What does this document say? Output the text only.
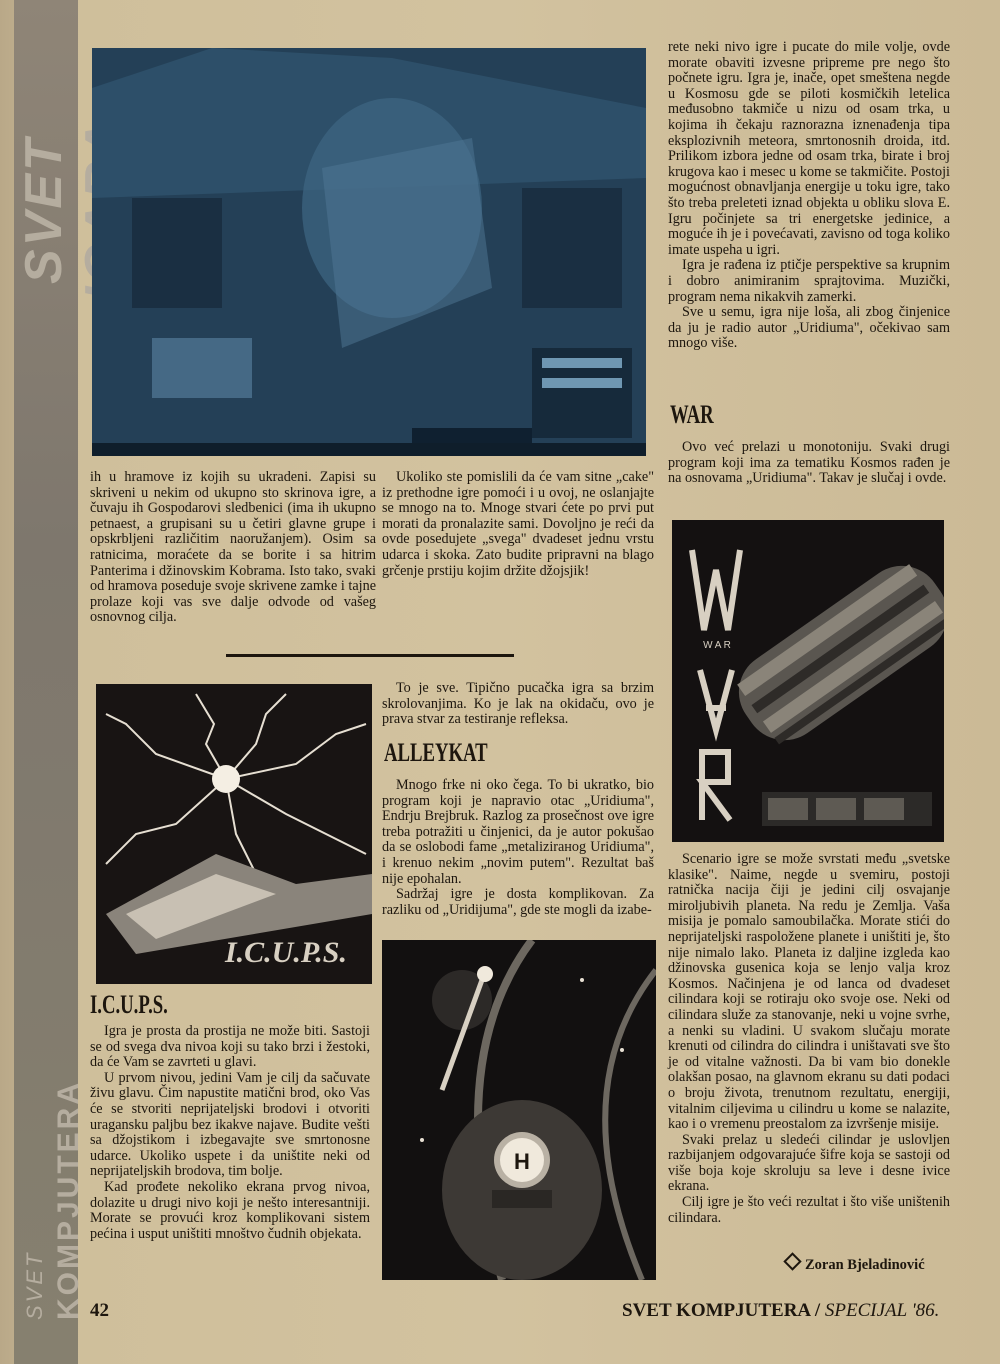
SVET
SVET KOMPJUTERA

ih u hramove iz kojih su ukradeni. Zapisi su skriveni u nekim od ukupno sto skrinova igre, a čuvaju ih Gospodarovi sledbenici (ima ih ukupno petnaest, a grupisani su u četiri glavne grupe i opskrbljeni različitim naoružanjem). Osim sa ratnicima, moraćete da se borite i sa hitrim Panterima i džinovskim Kobrama. Isto tako, svaki od hramova poseduje svoje skrivene zamke i tajne prolaze koji vas sve dalje odvode od vašeg osnovnog cilja.

Ukoliko ste pomislili da će vam sitne „cake" iz prethodne igre pomoći i u ovoj, ne oslanjajte se mnogo na to. Mnoge stvari ćete po prvi put morati da pronalazite sami. Dovoljno je reći da ovde posedujete „svega" dvadeset jednu vrstu udarca i skoka. Zato budite pripravni na blago grčenje prstiju kojim držite džojsjik!

rete neki nivo igre i pucate do mile volje, ovde morate obaviti izvesne pripreme pre nego što počnete igru. Igra je, inače, opet smeštena negde u Kosmosu gde se piloti kosmičkih letelica međusobno takmiče u nizu od osam trka, u kojima ih čekaju raznorazna iznenađenja tipa eksplozivnih meteora, smrtonosnih droida, itd. Prilikom izbora jedne od osam trka, birate i broj krugova kao i mesec u kome se takmičite. Postoji mogućnost obnavljanja energije u toku igre, tako što treba preleteti iznad objekta u obliku slova E. Igru počinjete sa tri energetske jedinice, a moguće ih je i povećavati, zavisno od toga koliko imate uspeha u igri.

Igra je rađena iz ptičje perspektive sa krupnim i dobro animiranim sprajtovima. Muzički, program nema nikakvih zamerki.

Sve u semu, igra nije loša, ali zbog činjenice da ju je radio autor „Uridiuma", očekivao sam mnogo više.

WAR

Ovo već prelazi u monotoniju. Svaki drugi program koji ima za tematiku Kosmos rađen je na osnovama „Uridiuma". Takav je slučaj i ovde.

W A R

Scenario igre se može svrstati među „svetske klasike". Naime, negde u svemiru, postoji ratnička nacija čiji je jedini cilj osvajanje miroljubivih planeta. Na redu je Zemlja. Vaša misija je pomalo samoubilačka. Morate stići do neprijateljski raspoložene planete i uništiti je, što nije nimalo lako. Planeta iz daljine izgleda kao džinovska gusenica koja se lenjo valja kroz Kosmos. Načinjena je od lanca od dvadeset cilindara koji se rotiraju oko svoje ose. Neki od cilindara služe za stanovanje, neki u vojne svrhe, a nenki su vladini. U svakom slučaju morate krenuti od cilindra do cilindra i uništavati sve što je od vitalne važnosti. Da bi vam bio donekle olakšan posao, na glavnom ekranu su dati podaci o broju života, trenutnom rezultatu, energiji, vitalnim ciljevima u cilindru u kome se nalazite, kao i o vremenu preostalom za izvršenje misije.

Svaki prelaz u sledeći cilindar je uslovljen razbijanjem odgovarajuće šifre koja se sastoji od više boja koje skroluju sa leve i desne ivice ekrana.

Cilj igre je što veći rezultat i što više uništenih cilindara.

Zoran Bjeladinović
I.C.U.P.S.
I.C.U.P.S.

Igra je prosta da prostija ne može biti. Sastoji se od svega dva nivoa koji su tako brzi i žestoki, da će Vam se zavrteti u glavi.

U prvom nivou, jedini Vam je cilj da sačuvate živu glavu. Čim napustite matični brod, oko Vas će se stvoriti neprijateljski brodovi i otvoriti uragansku paljbu bez ikakve najave. Budite vešti sa džojstikom i izbegavajte sve smrtonosne udarce. Ukoliko uspete i da uništite neki od neprijateljskih brodova, tim bolje.

Kad prođete nekoliko ekrana prvog nivoa, dolazite u drugi nivo koji je nešto interesantniji. Morate se provući kroz komplikovani sistem pećina i usput uništiti mnoštvo čudnih objekata.

To je sve. Tipično pucačka igra sa brzim skrolovanjima. Ko je lak na okidaču, ovo je prava stvar za testiranje refleksa.

ALLEYKAT

Mnogo frke ni oko čega. To bi ukratko, bio program koji je napravio otac „Uridiuma", Endrju Brejbruk. Razlog za prosečnost ove igre treba potražiti u činjenici, da je autor pokušao da se oslobodi fame „metalizirанog Uridiuma", i krenuo nekim „novim putem". Rezultat baš nije epohalan.

Sadržaj igre je dosta komplikovan. Za razliku od „Uridijuma", gde ste mogli da izabe-

H
42	SVET KOMPJUTERA / SPECIJAL '86.
